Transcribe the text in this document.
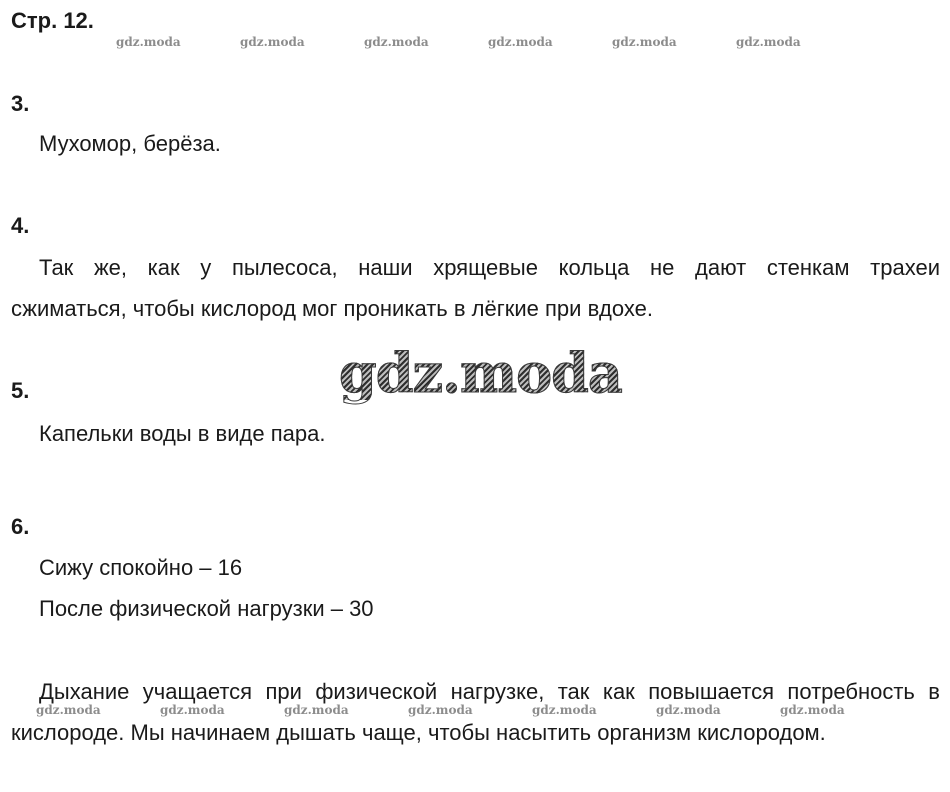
Стр. 12.
gdz.moda	gdz.moda	gdz.moda	gdz.moda	gdz.moda	gdz.moda
3.
Мухомор, берёза.
4.
Так же, как у пылесоса, наши хрящевые кольца не дают стенкам трахеи
сжиматься, чтобы кислород мог проникать в лёгкие при вдохе.
gdz.moda
5.
Капельки воды в виде пара.
6.
Сижу спокойно – 16
После физической нагрузки – 30
Дыхание учащается при физической нагрузке, так как повышается потребность в
кислороде. Мы начинаем дышать чаще, чтобы насытить организм кислородом.
gdz.moda	gdz.moda	gdz.moda	gdz.moda	gdz.moda	gdz.moda	gdz.moda
